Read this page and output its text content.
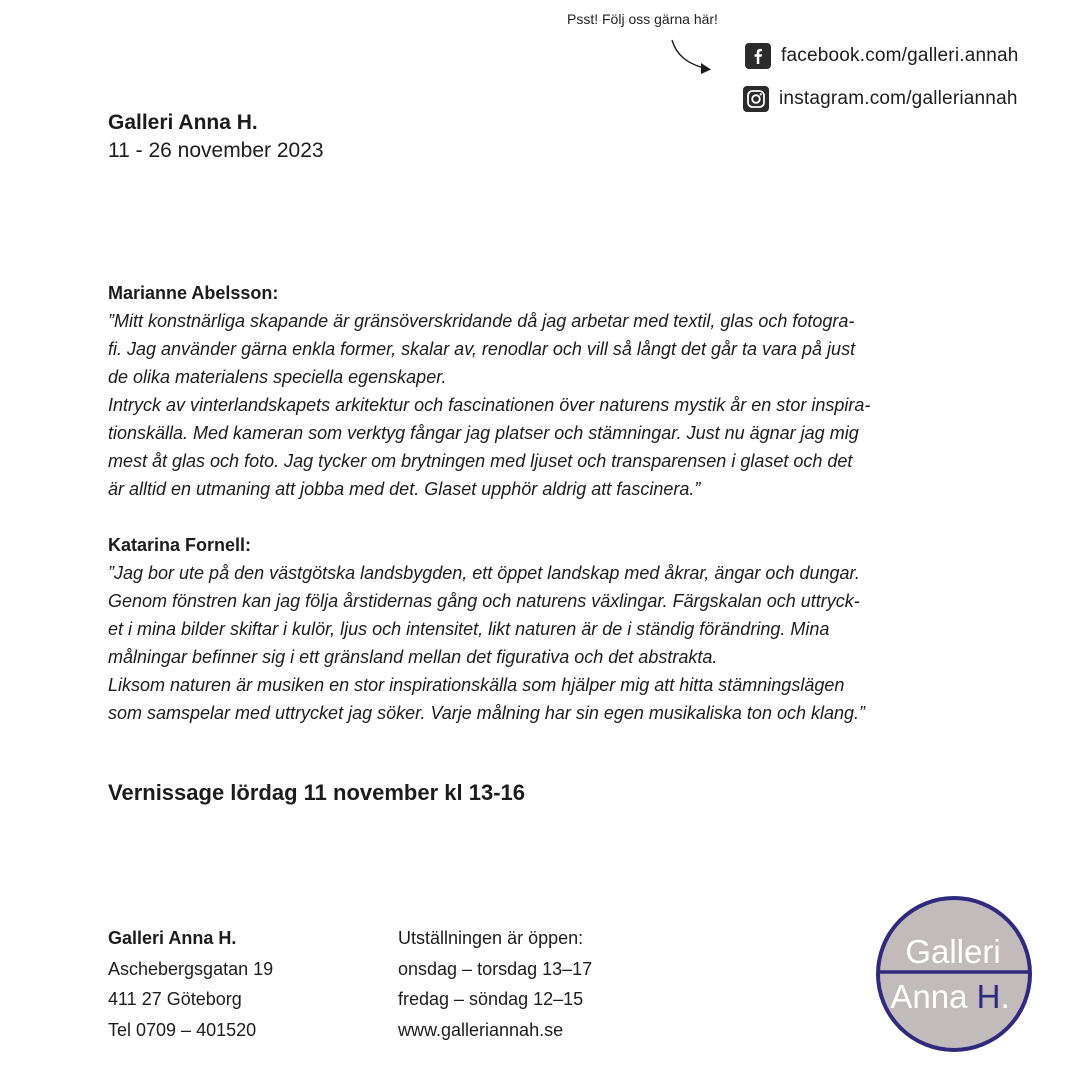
Psst! Följ oss gärna här!
facebook.com/galleri.annah
instagram.com/galleriannah
Galleri Anna H.
11 - 26 november 2023
Marianne Abelsson:
”Mitt konstnärliga skapande är gränsöverskridande då jag arbetar med textil, glas och fotogra-
fi. Jag använder gärna enkla former, skalar av, renodlar och vill så långt det går ta vara på just
de olika materialens speciella egenskaper.
Intryck av vinterlandskapets arkitektur och fascinationen över naturens mystik år en stor inspira-
tionskälla. Med kameran som verktyg fångar jag platser och stämningar. Just nu ägnar jag mig
mest åt glas och foto. Jag tycker om brytningen med ljuset och transparensen i glaset och det
är alltid en utmaning att jobba med det. Glaset upphör aldrig att fascinera.”
Katarina Fornell:
”Jag bor ute på den västgötska landsbygden, ett öppet landskap med åkrar, ängar och dungar.
Genom fönstren kan jag följa årstidernas gång och naturens växlingar. Färgskalan och uttryck-
et i mina bilder skiftar i kulör, ljus och intensitet, likt naturen är de i ständig förändring. Mina
målningar befinner sig i ett gränsland mellan det figurativa och det abstrakta.
Liksom naturen är musiken en stor inspirationskälla som hjälper mig att hitta stämningslägen
som samspelar med uttrycket jag söker. Varje målning har sin egen musikaliska ton och klang.”
Vernissage lördag 11 november kl 13-16
Galleri Anna H.
Aschebergsgatan 19
411 27 Göteborg
Tel 0709 – 401520
Utställningen är öppen:
onsdag – torsdag 13–17
fredag – söndag 12–15
www.galleriannah.se
Galleri
Anna H.
